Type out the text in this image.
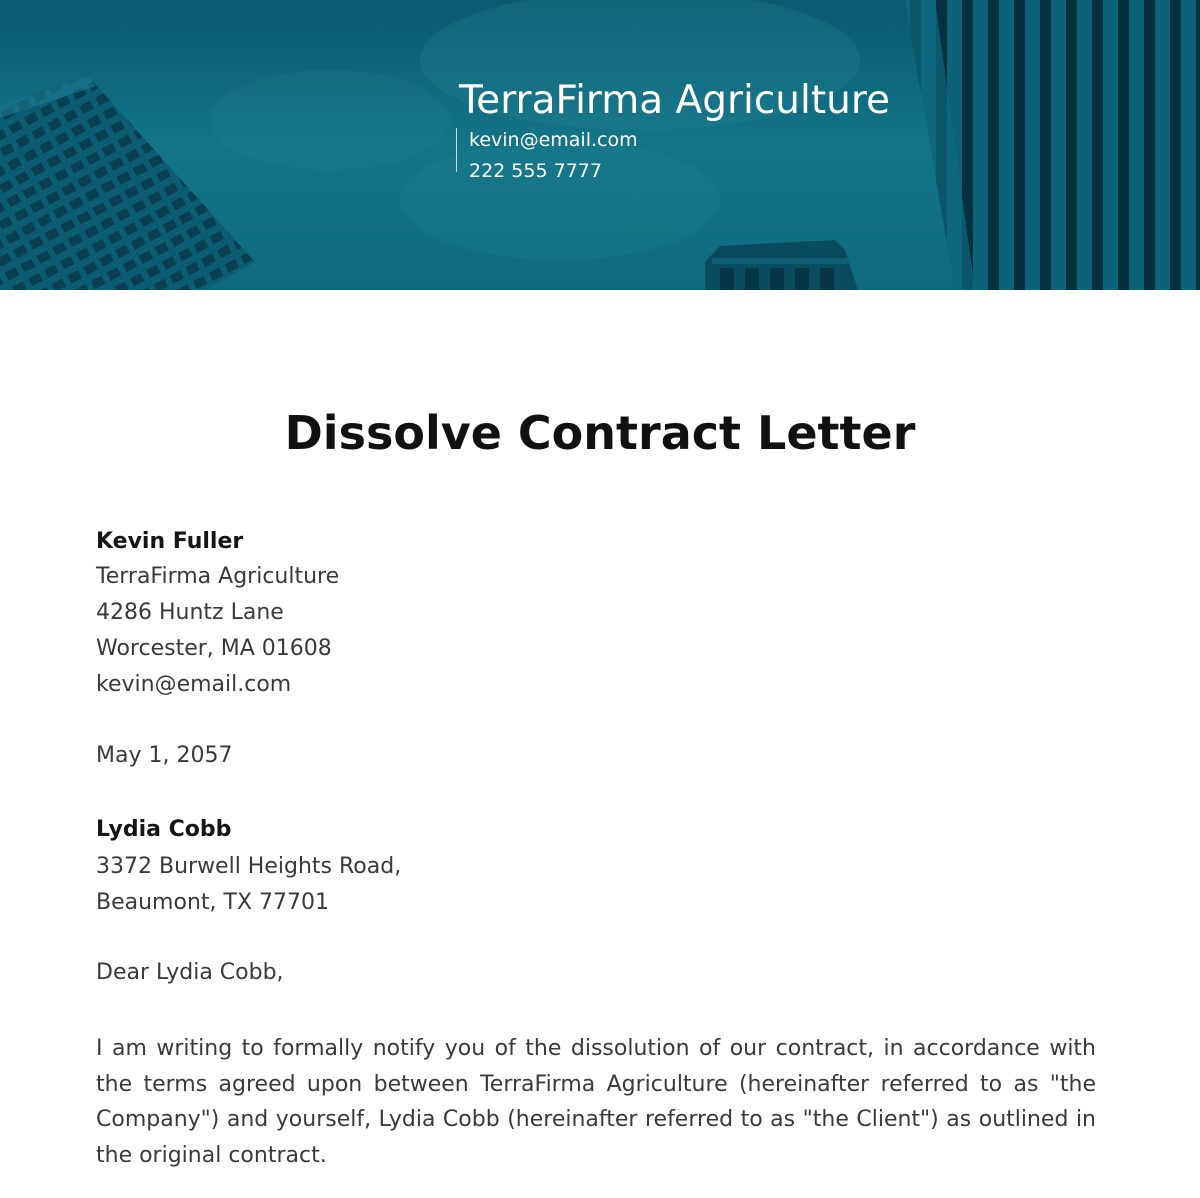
TerraFirma Agriculture
kevin@email.com
222 555 7777
Dissolve Contract Letter
Kevin Fuller
TerraFirma Agriculture
4286 Huntz Lane
Worcester, MA 01608
kevin@email.com
May 1, 2057
Lydia Cobb
3372 Burwell Heights Road,
Beaumont, TX 77701
Dear Lydia Cobb,

I am writing to formally notify you of the dissolution of our contract, in accordance with the terms agreed upon between TerraFirma Agriculture (hereinafter referred to as "the Company") and yourself, Lydia Cobb (hereinafter referred to as "the Client") as outlined in the original contract.
